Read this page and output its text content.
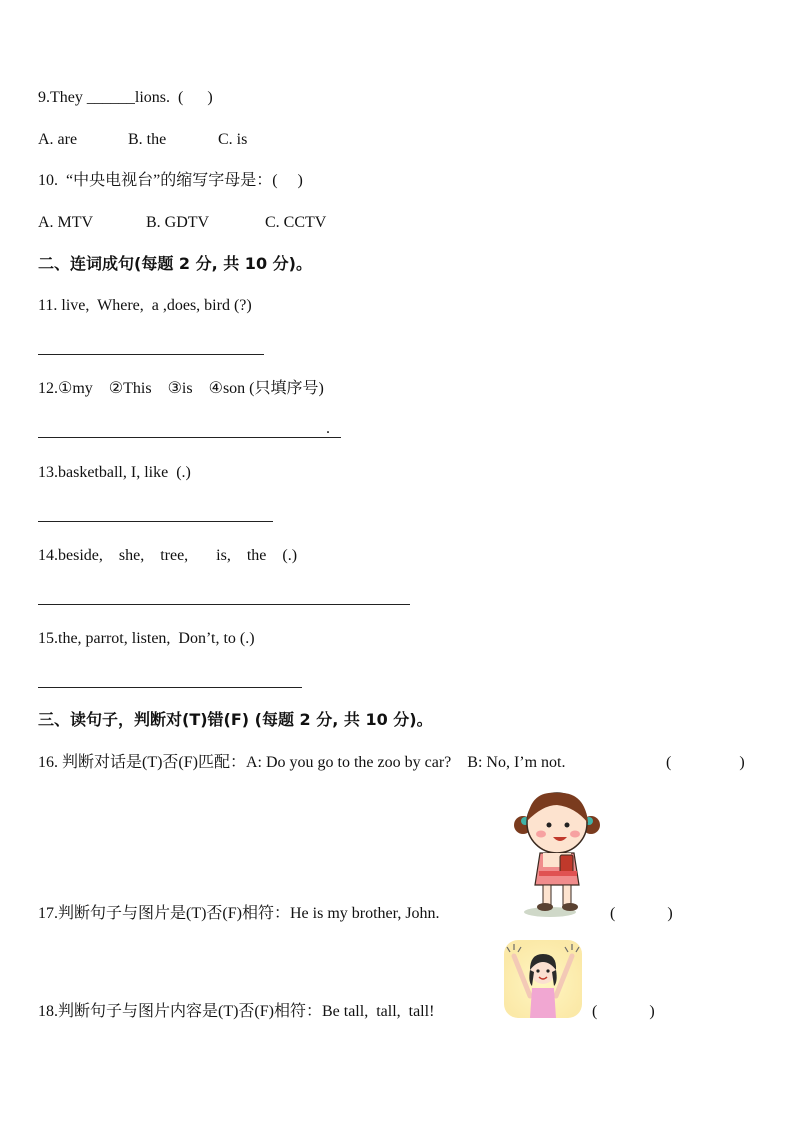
9.They ______lions.  (      )
A. are	B. the	C. is
10.  “中央电视台”的缩写字母是：(     )
A. MTV	B. GDTV	C. CCTV
二、连词成句(每题 2 分, 共 10 分)。
11. live,  Where,  a ,does, bird (?)
12.①my    ②This    ③is    ④son (只填序号)
.
13.basketball, I, like  (.)
14.beside,    she,    tree,       is,    the    (.)
15.the, parrot, listen,  Don’t, to (.)
三、读句子，判断对(T)错(F) (每题 2 分, 共 10 分)。
16. 判断对话是(T)否(F)匹配：A: Do you go to the zoo by car?    B: No, I’m not.	(                 )
17.判断句子与图片是(T)否(F)相符：He is my brother, John.	(             )
18.判断句子与图片内容是(T)否(F)相符：Be tall,  tall,  tall!	(             )
